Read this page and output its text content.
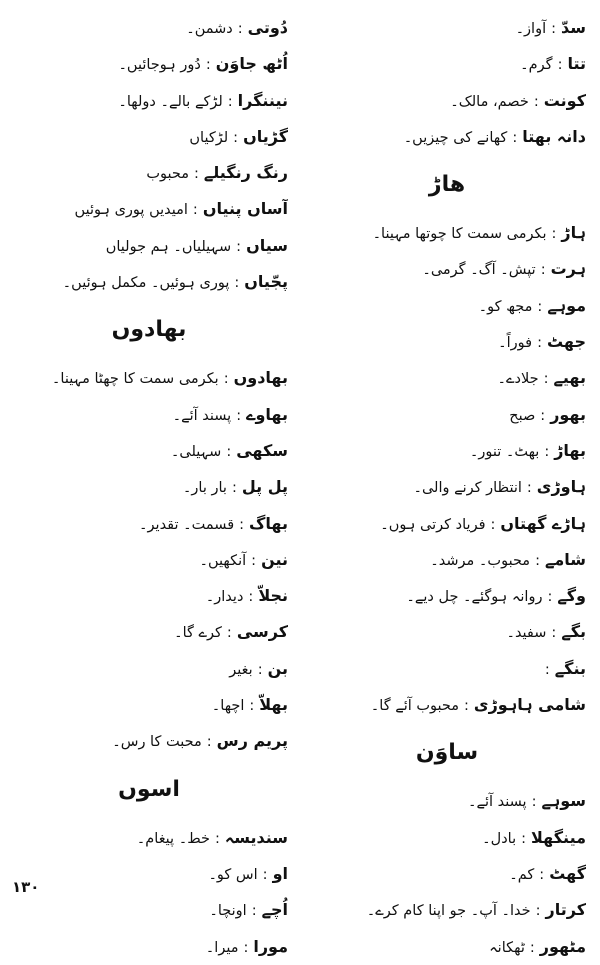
سدّ:آواز۔
تتا:گرم۔
کونت:خصم، مالک۔
دانہ بھتا:کھانے کی چیزیں۔
ھاڑ
ہاڑ:بکرمی سمت کا چوتھا مہینا۔
ہرت:تپش۔ آگ۔ گرمی۔
موہے:مجھ کو۔
جھٹ:فوراً۔
بھیے:جلادے۔
بھور:صبح
بھاڑ:بھٹ۔ تنور۔
ہاوڑی:انتظار کرنے والی۔
ہاڑے گھتاں:فریاد کرتی ہوں۔
شامے:محبوب۔ مرشد۔
وگے:روانہ ہوگئے۔ چل دیے۔
بگے:سفید۔
بنگے:
شامی ہاہوڑی:محبوب آئے گا۔
ساوَن
سوہے:پسند آئے۔
مینگھلا:بادل۔
گھٹ:کم۔
کرتار:خدا۔ آپ۔ جو اپنا کام کرے۔
مٹھور:ٹھکانہ
دُوتی:دشمن۔
اُٹھ جاوَن:دُور ہوجائیں۔
نیننگرا:لڑکے بالے۔ دولھا۔
گڑیاں:لڑکیاں
رنگ رنگیلے:محبوب
آساں پنیاں:امیدیں پوری ہوئیں
سیاں:سہیلیاں۔ ہم جولیاں
پجّیاں:پوری ہوئیں۔ مکمل ہوئیں۔
بھادوں
بھادوں:بکرمی سمت کا چھٹا مہینا۔
بھاوے:پسند آئے۔
سکھی:سہیلی۔
پل پل:بار بار۔
بھاگ:قسمت۔ تقدیر۔
نین:آنکھیں۔
نجلاّ:دیدار۔
کرسی:کرے گا۔
بن:بغیر
بھلاّ:اچھا۔
پریم رس:محبت کا رس۔
اسوں
سندیسہ:خط۔ پیغام۔
او:اس کو۔
اُچے:اونچا۔
مورا:میرا۔
١٣٠
